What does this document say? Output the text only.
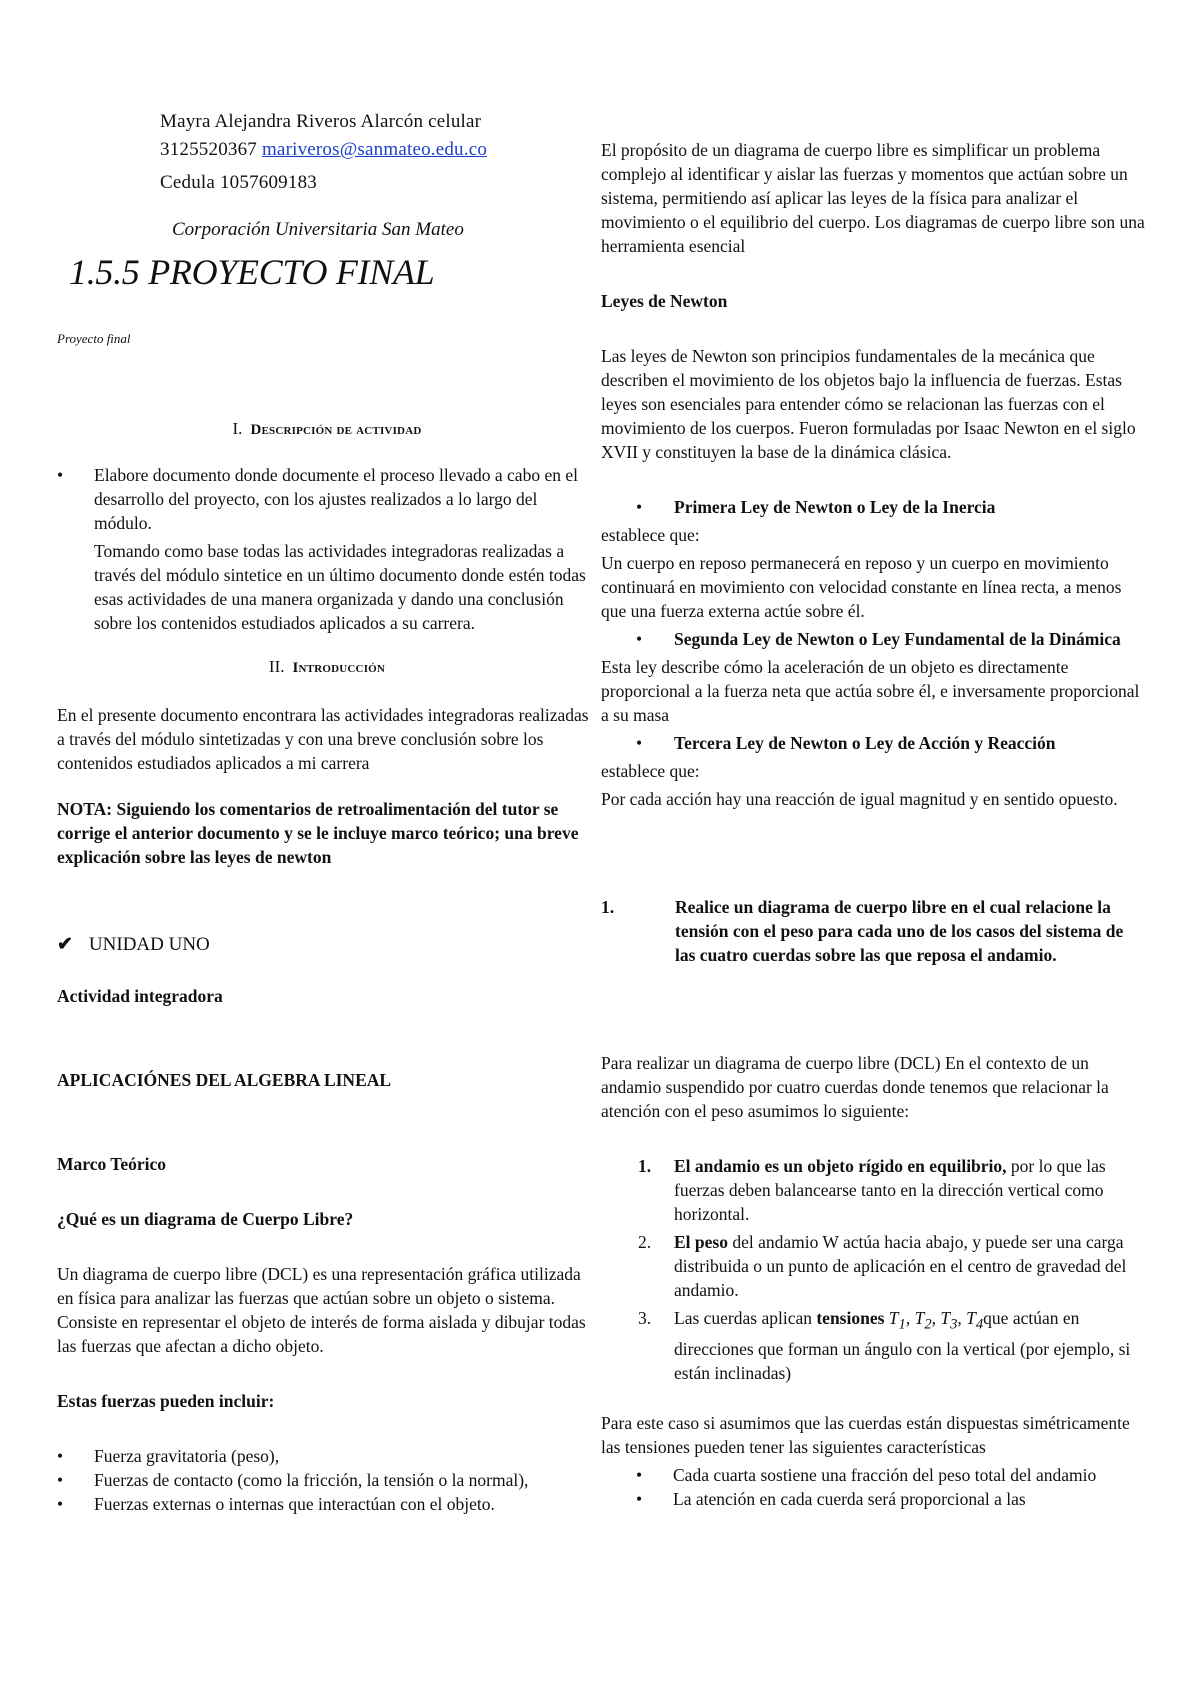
Mayra Alejandra Riveros Alarcón celular
3125520367 mariveros@sanmateo.edu.co
Cedula 1057609183
Corporación Universitaria San Mateo
1.5.5 PROYECTO FINAL
Proyecto final
I. Descripción de actividad
• Elabore documento donde documente el proceso llevado a cabo en el desarrollo del proyecto, con los ajustes realizados a lo largo del módulo.
Tomando como base todas las actividades integradoras realizadas a través del módulo sintetice en un último documento donde estén todas esas actividades de una manera organizada y dando una conclusión sobre los contenidos estudiados aplicados a su carrera.
II. Introducción

En el presente documento encontrara las actividades integradoras realizadas a través del módulo sintetizadas y con una breve conclusión sobre los contenidos estudiados aplicados a mi carrera

NOTA: Siguiendo los comentarios de retroalimentación del tutor se corrige el anterior documento y se le incluye marco teórico; una breve explicación sobre las leyes de newton

✔ UNIDAD UNO

Actividad integradora

APLICACIÓNES DEL ALGEBRA LINEAL

Marco Teórico

¿Qué es un diagrama de Cuerpo Libre?

Un diagrama de cuerpo libre (DCL) es una representación gráfica utilizada en física para analizar las fuerzas que actúan sobre un objeto o sistema. Consiste en representar el objeto de interés de forma aislada y dibujar todas las fuerzas que afectan a dicho objeto.

Estas fuerzas pueden incluir:

• Fuerza gravitatoria (peso),
• Fuerzas de contacto (como la fricción, la tensión o la normal),
• Fuerzas externas o internas que interactúan con el objeto.

El propósito de un diagrama de cuerpo libre es simplificar un problema complejo al identificar y aislar las fuerzas y momentos que actúan sobre un sistema, permitiendo así aplicar las leyes de la física para analizar el movimiento o el equilibrio del cuerpo. Los diagramas de cuerpo libre son una herramienta esencial

Leyes de Newton

Las leyes de Newton son principios fundamentales de la mecánica que describen el movimiento de los objetos bajo la influencia de fuerzas. Estas leyes son esenciales para entender cómo se relacionan las fuerzas con el movimiento de los cuerpos. Fueron formuladas por Isaac Newton en el siglo XVII y constituyen la base de la dinámica clásica.

• Primera Ley de Newton o Ley de la Inercia

establece que:

Un cuerpo en reposo permanecerá en reposo y un cuerpo en movimiento continuará en movimiento con velocidad constante en línea recta, a menos que una fuerza externa actúe sobre él.

• Segunda Ley de Newton o Ley Fundamental de la Dinámica

Esta ley describe cómo la aceleración de un objeto es directamente proporcional a la fuerza neta que actúa sobre él, e inversamente proporcional a su masa

• Tercera Ley de Newton o Ley de Acción y Reacción

establece que:

Por cada acción hay una reacción de igual magnitud y en sentido opuesto.

1.	Realice un diagrama de cuerpo libre en el cual relacione la tensión con el peso para cada uno de los casos del sistema de las cuatro cuerdas sobre las que reposa el andamio.

Para realizar un diagrama de cuerpo libre (DCL) En el contexto de un andamio suspendido por cuatro cuerdas donde tenemos que relacionar la atención con el peso asumimos lo siguiente:

1. El andamio es un objeto rígido en equilibrio, por lo que las fuerzas deben balancearse tanto en la dirección vertical como horizontal.
2. El peso del andamio W actúa hacia abajo, y puede ser una carga distribuida o un punto de aplicación en el centro de gravedad del andamio.
3. Las cuerdas aplican tensiones $T_1$, $T_2$, $T_3$, $T_4que$ actúan en direcciones que forman un ángulo con la vertical (por ejemplo, si están inclinadas)

Para este caso si asumimos que las cuerdas están dispuestas simétricamente las tensiones pueden tener las siguientes características

• Cada cuarta sostiene una fracción del peso total del andamio
• La atención en cada cuerda será proporcional a las
